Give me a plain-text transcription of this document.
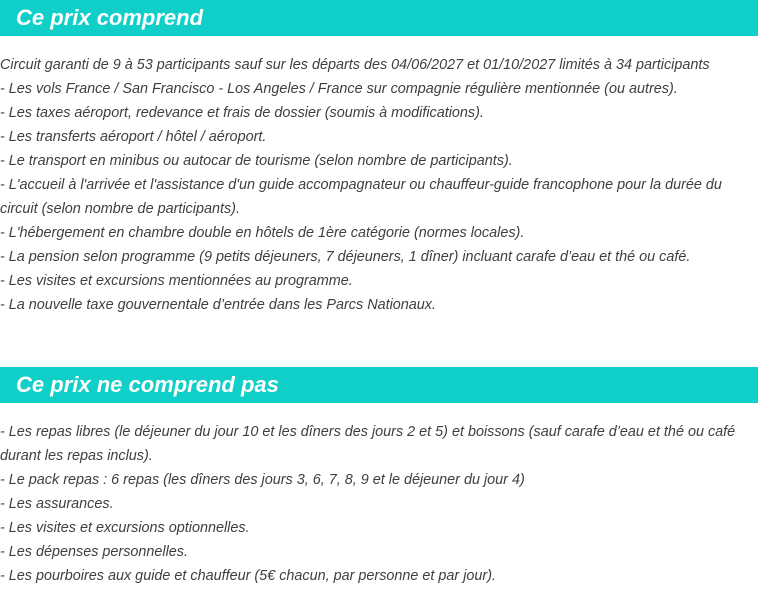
Ce prix comprend
Circuit garanti de 9 à 53 participants sauf sur les départs des 04/06/2027 et 01/10/2027 limités à 34 participants
- Les vols France / San Francisco - Los Angeles / France sur compagnie régulière mentionnée (ou autres).
- Les taxes aéroport, redevance et frais de dossier (soumis à modifications).
- Les transferts aéroport / hôtel / aéroport.
- Le transport en minibus ou autocar de tourisme (selon nombre de participants).
- L'accueil à l'arrivée et l'assistance d'un guide accompagnateur ou chauffeur-guide francophone pour la durée du circuit (selon nombre de participants).
- L'hébergement en chambre double en hôtels de 1ère catégorie (normes locales).
- La pension selon programme (9 petits déjeuners, 7 déjeuners, 1 dîner) incluant carafe d’eau et thé ou café.
- Les visites et excursions mentionnées au programme.
- La nouvelle taxe gouvernentale d’entrée dans les Parcs Nationaux.
Ce prix ne comprend pas
- Les repas libres (le déjeuner du jour 10 et les dîners des jours 2 et 5) et boissons (sauf carafe d’eau et thé ou café durant les repas inclus).
- Le pack repas : 6 repas (les dîners des jours 3, 6, 7, 8, 9 et le déjeuner du jour 4)
- Les assurances.
- Les visites et excursions optionnelles.
- Les dépenses personnelles.
- Les pourboires aux guide et chauffeur (5€ chacun, par personne et par jour).
